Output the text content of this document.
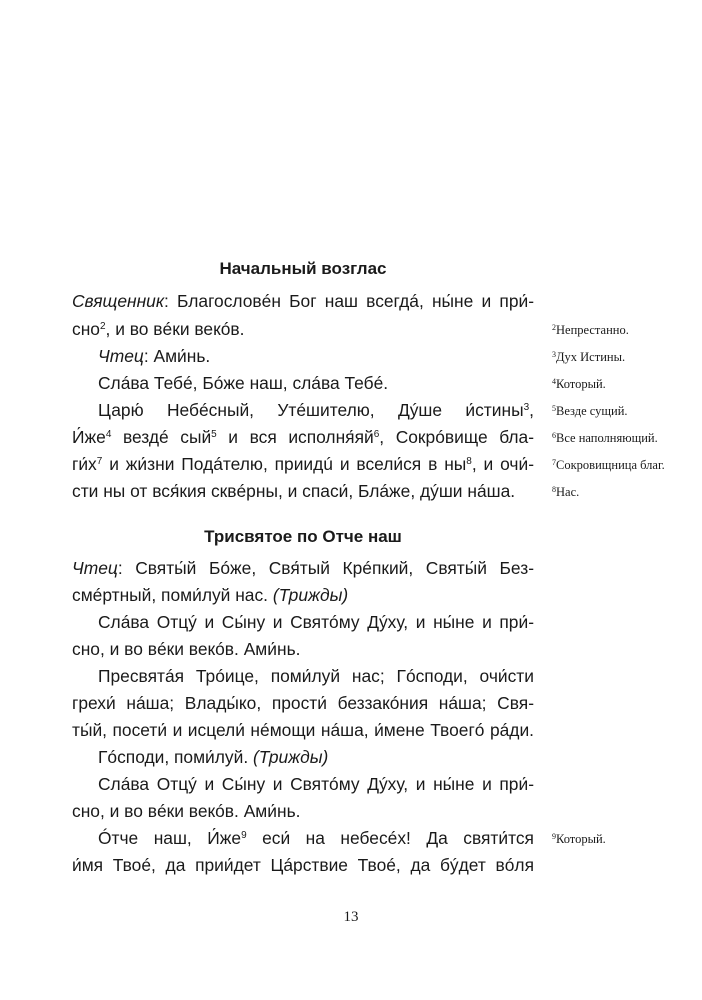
Начальный возглас
Священник: Благословéн Бог наш всегдá, ны́не и при́-
сно$^2$, и во вéки векóв.
Чтец: Ами́нь.
Слáва Тебé, Бóже наш, слáва Тебé.
Царю́ Небéсный, Утéшителю, Дýше и́стины$^3$,
$И́же^4$ вездé сый$^5$ и вся $исполня́яй^6$, Сокрóвище бла-
$ги́х^7$ и жи́зни Подáтелю, приидú и всели́ся в $ны^8$, и очи́-
сти ны от вся́кия сквéрны, и спаси́, Блáже, дýши нáша.
Трисвятое по Отче наш
Чтец: Святы́й Бóже, Свя́тый Крéпкий, Святы́й Без-
смéртный, поми́луй нас. (Трижды)
Слáва Отцý и Сы́ну и Святóму Дýху, и ны́не и при́-
сно, и во вéки векóв. Ами́нь.
Пресвятáя Трóице, поми́луй нас; Гóсподи, очи́сти
грехи́ нáша; Влады́ко, прости́ беззакóния нáша; Свя-
ты́й, посети́ и исцели́ нéмощи нáша, и́мене Твоегó рáди.
Гóсподи, поми́луй. (Трижды)
Слáва Отцý и Сы́ну и Святóму Дýху, и ны́не и при́-
сно, и во вéки векóв. Ами́нь.
Óтче наш, $И́же^9$ еси́ на небесéх! Да святи́тся
и́мя Твоé, да прии́дет Цáрствие Твоé, да бýдет вóля
$^2$Непрестанно.
$^3$Дух Истины.
$^4$Который.
$^5$Везде сущий.
$^6$Все наполняющий.
$^7$Сокровищница благ.
$^8$Нас.
$^9$Который.
13
